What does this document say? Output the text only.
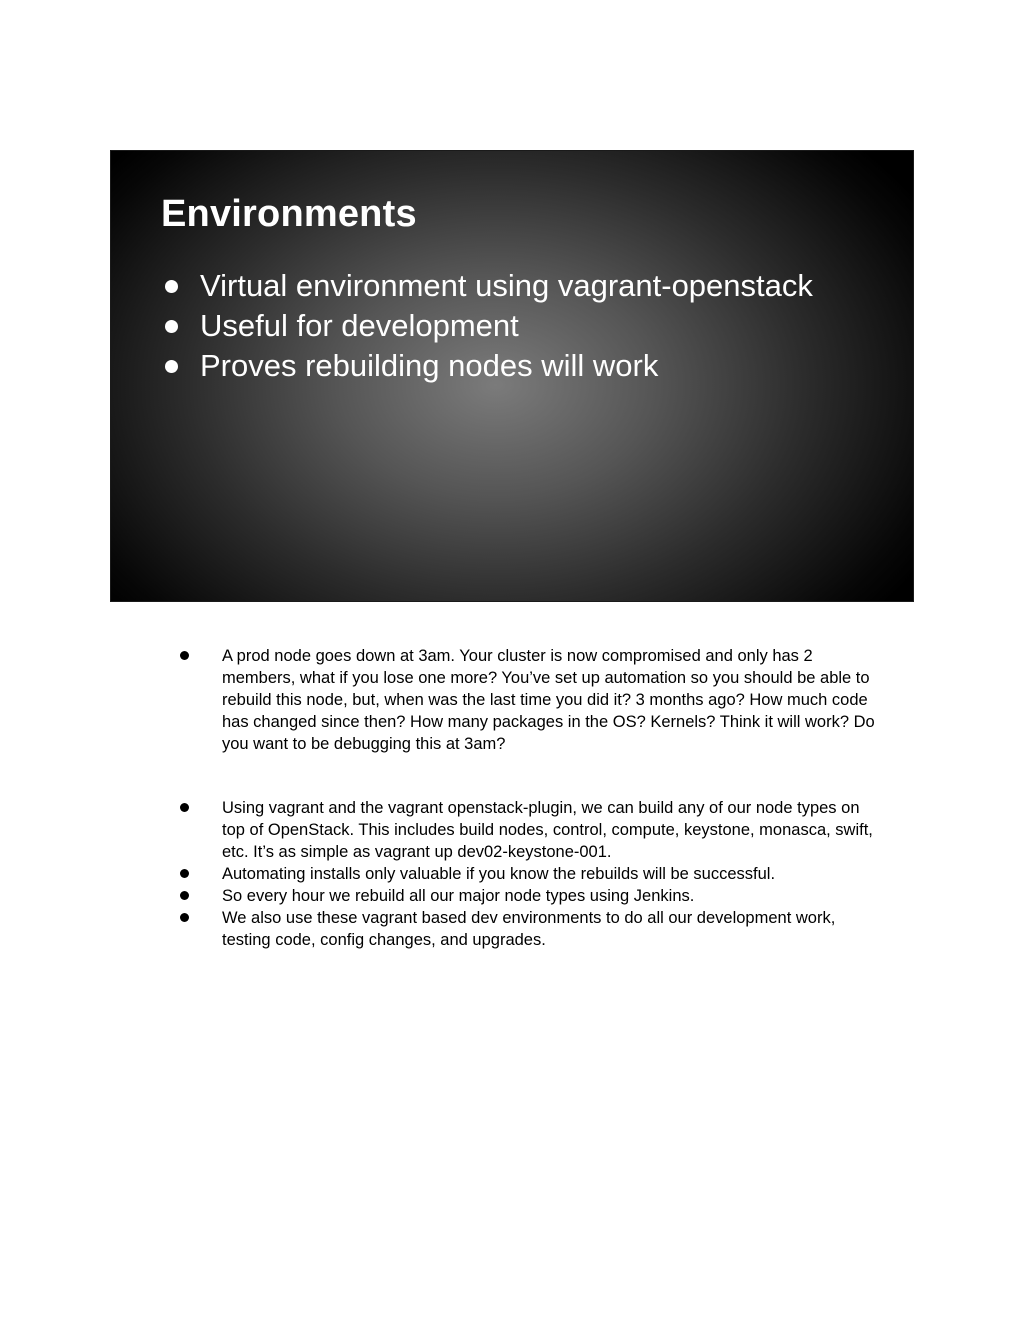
Environments
Virtual environment using vagrant-openstack
Useful for development
Proves rebuilding nodes will work
A prod node goes down at 3am. Your cluster is now compromised and only has 2 members, what if you lose one more? You’ve set up automation so you should be able to rebuild this node, but, when was the last time you did it? 3 months ago? How much code has changed since then? How many packages in the OS? Kernels? Think it will work? Do you want to be debugging this at 3am?
Using vagrant and the vagrant openstack-plugin, we can build any of our node types on top of OpenStack. This includes build nodes, control, compute, keystone, monasca, swift, etc. It’s as simple as vagrant up dev02-keystone-001.
Automating installs only valuable if you know the rebuilds will be successful.
So every hour we rebuild all our major node types using Jenkins.
We also use these vagrant based dev environments to do all our development work, testing code, config changes, and upgrades.
